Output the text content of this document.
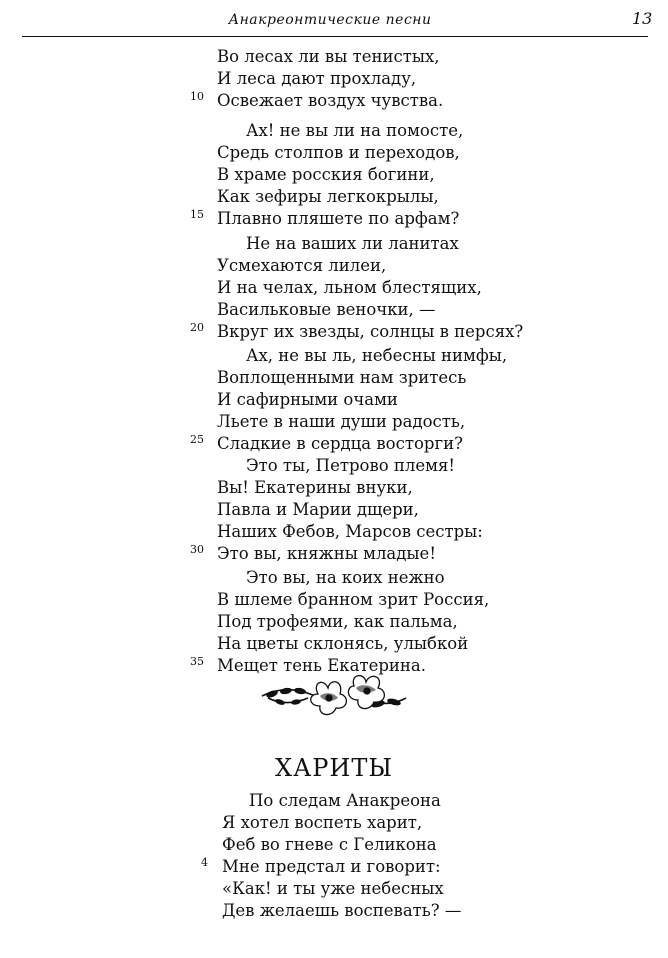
Анакреонтические песни	13
Во лесах ли вы тенистых,
И леса дают прохладу,
10 Освежает воздух чувства.
Ах! не вы ли на помосте,
Средь столпов и переходов,
В храме росския богини,
Как зефиры легкокрылы,
15 Плавно пляшете по арфам?
Не на ваших ли ланитах
Усмехаются лилеи,
И на челах, льном блестящих,
Васильковые веночки, —
20 Вкруг их звезды, солнцы в персях?
Ах, не вы ль, небесны нимфы,
Воплощенными нам зритесь
И сафирными очами
Льете в наши души радость,
25 Сладкие в сердца восторги?
Это ты, Петрово племя!
Вы! Екатерины внуки,
Павла и Марии дщери,
Наших Фебов, Марсов сестры:
30 Это вы, княжны младые!
Это вы, на коих нежно
В шлеме бранном зрит Россия,
Под трофеями, как пальма,
На цветы склонясь, улыбкой
35 Мещет тень Екатерина.
ХАРИТЫ
По следам Анакреона
Я хотел воспеть харит,
Феб во гневе с Геликона
4 Мне предстал и говорит:
«Как! и ты уже небесных
Дев желаешь воспевать? —
